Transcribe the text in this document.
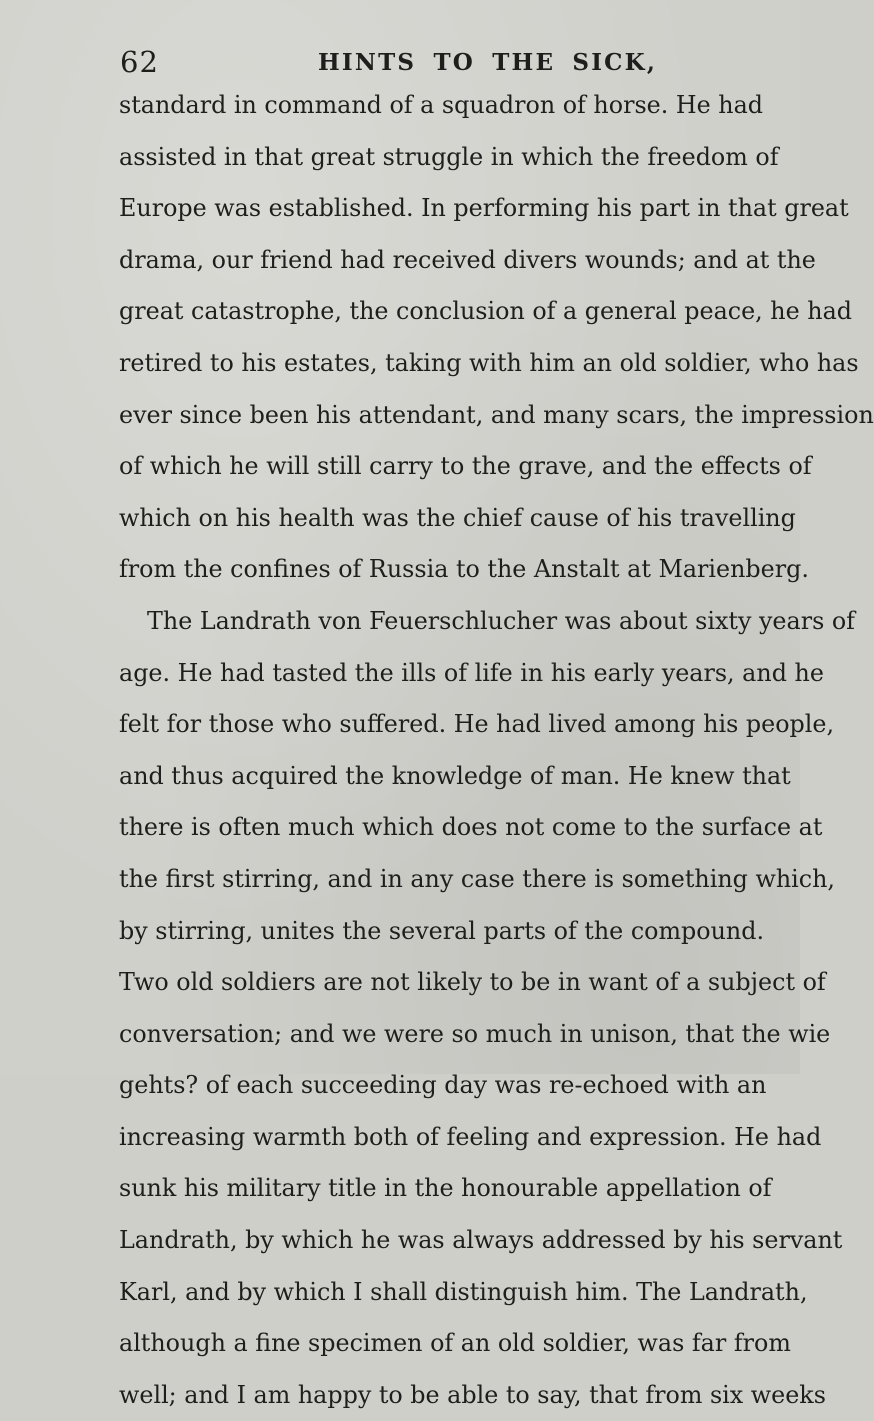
62	HINTS TO THE SICK,
standard in command of a squadron of horse. He had
assisted in that great struggle in which the freedom of
Europe was established. In performing his part in that great
drama, our friend had received divers wounds; and at the
great catastrophe, the conclusion of a general peace, he had
retired to his estates, taking with him an old soldier, who has
ever since been his attendant, and many scars, the impression
of which he will still carry to the grave, and the effects of
which on his health was the chief cause of his travelling
from the confines of Russia to the Anstalt at Marienberg.
The Landrath von Feuerschlucher was about sixty years of
age. He had tasted the ills of life in his early years, and he
felt for those who suffered. He had lived among his people,
and thus acquired the knowledge of man. He knew that
there is often much which does not come to the surface at
the first stirring, and in any case there is something which,
by stirring, unites the several parts of the compound.
Two old soldiers are not likely to be in want of a subject of
conversation; and we were so much in unison, that the wie
gehts? of each succeeding day was re-echoed with an
increasing warmth both of feeling and expression. He had
sunk his military title in the honourable appellation of
Landrath, by which he was always addressed by his servant
Karl, and by which I shall distinguish him. The Landrath,
although a fine specimen of an old soldier, was far from
well; and I am happy to be able to say, that from six weeks
